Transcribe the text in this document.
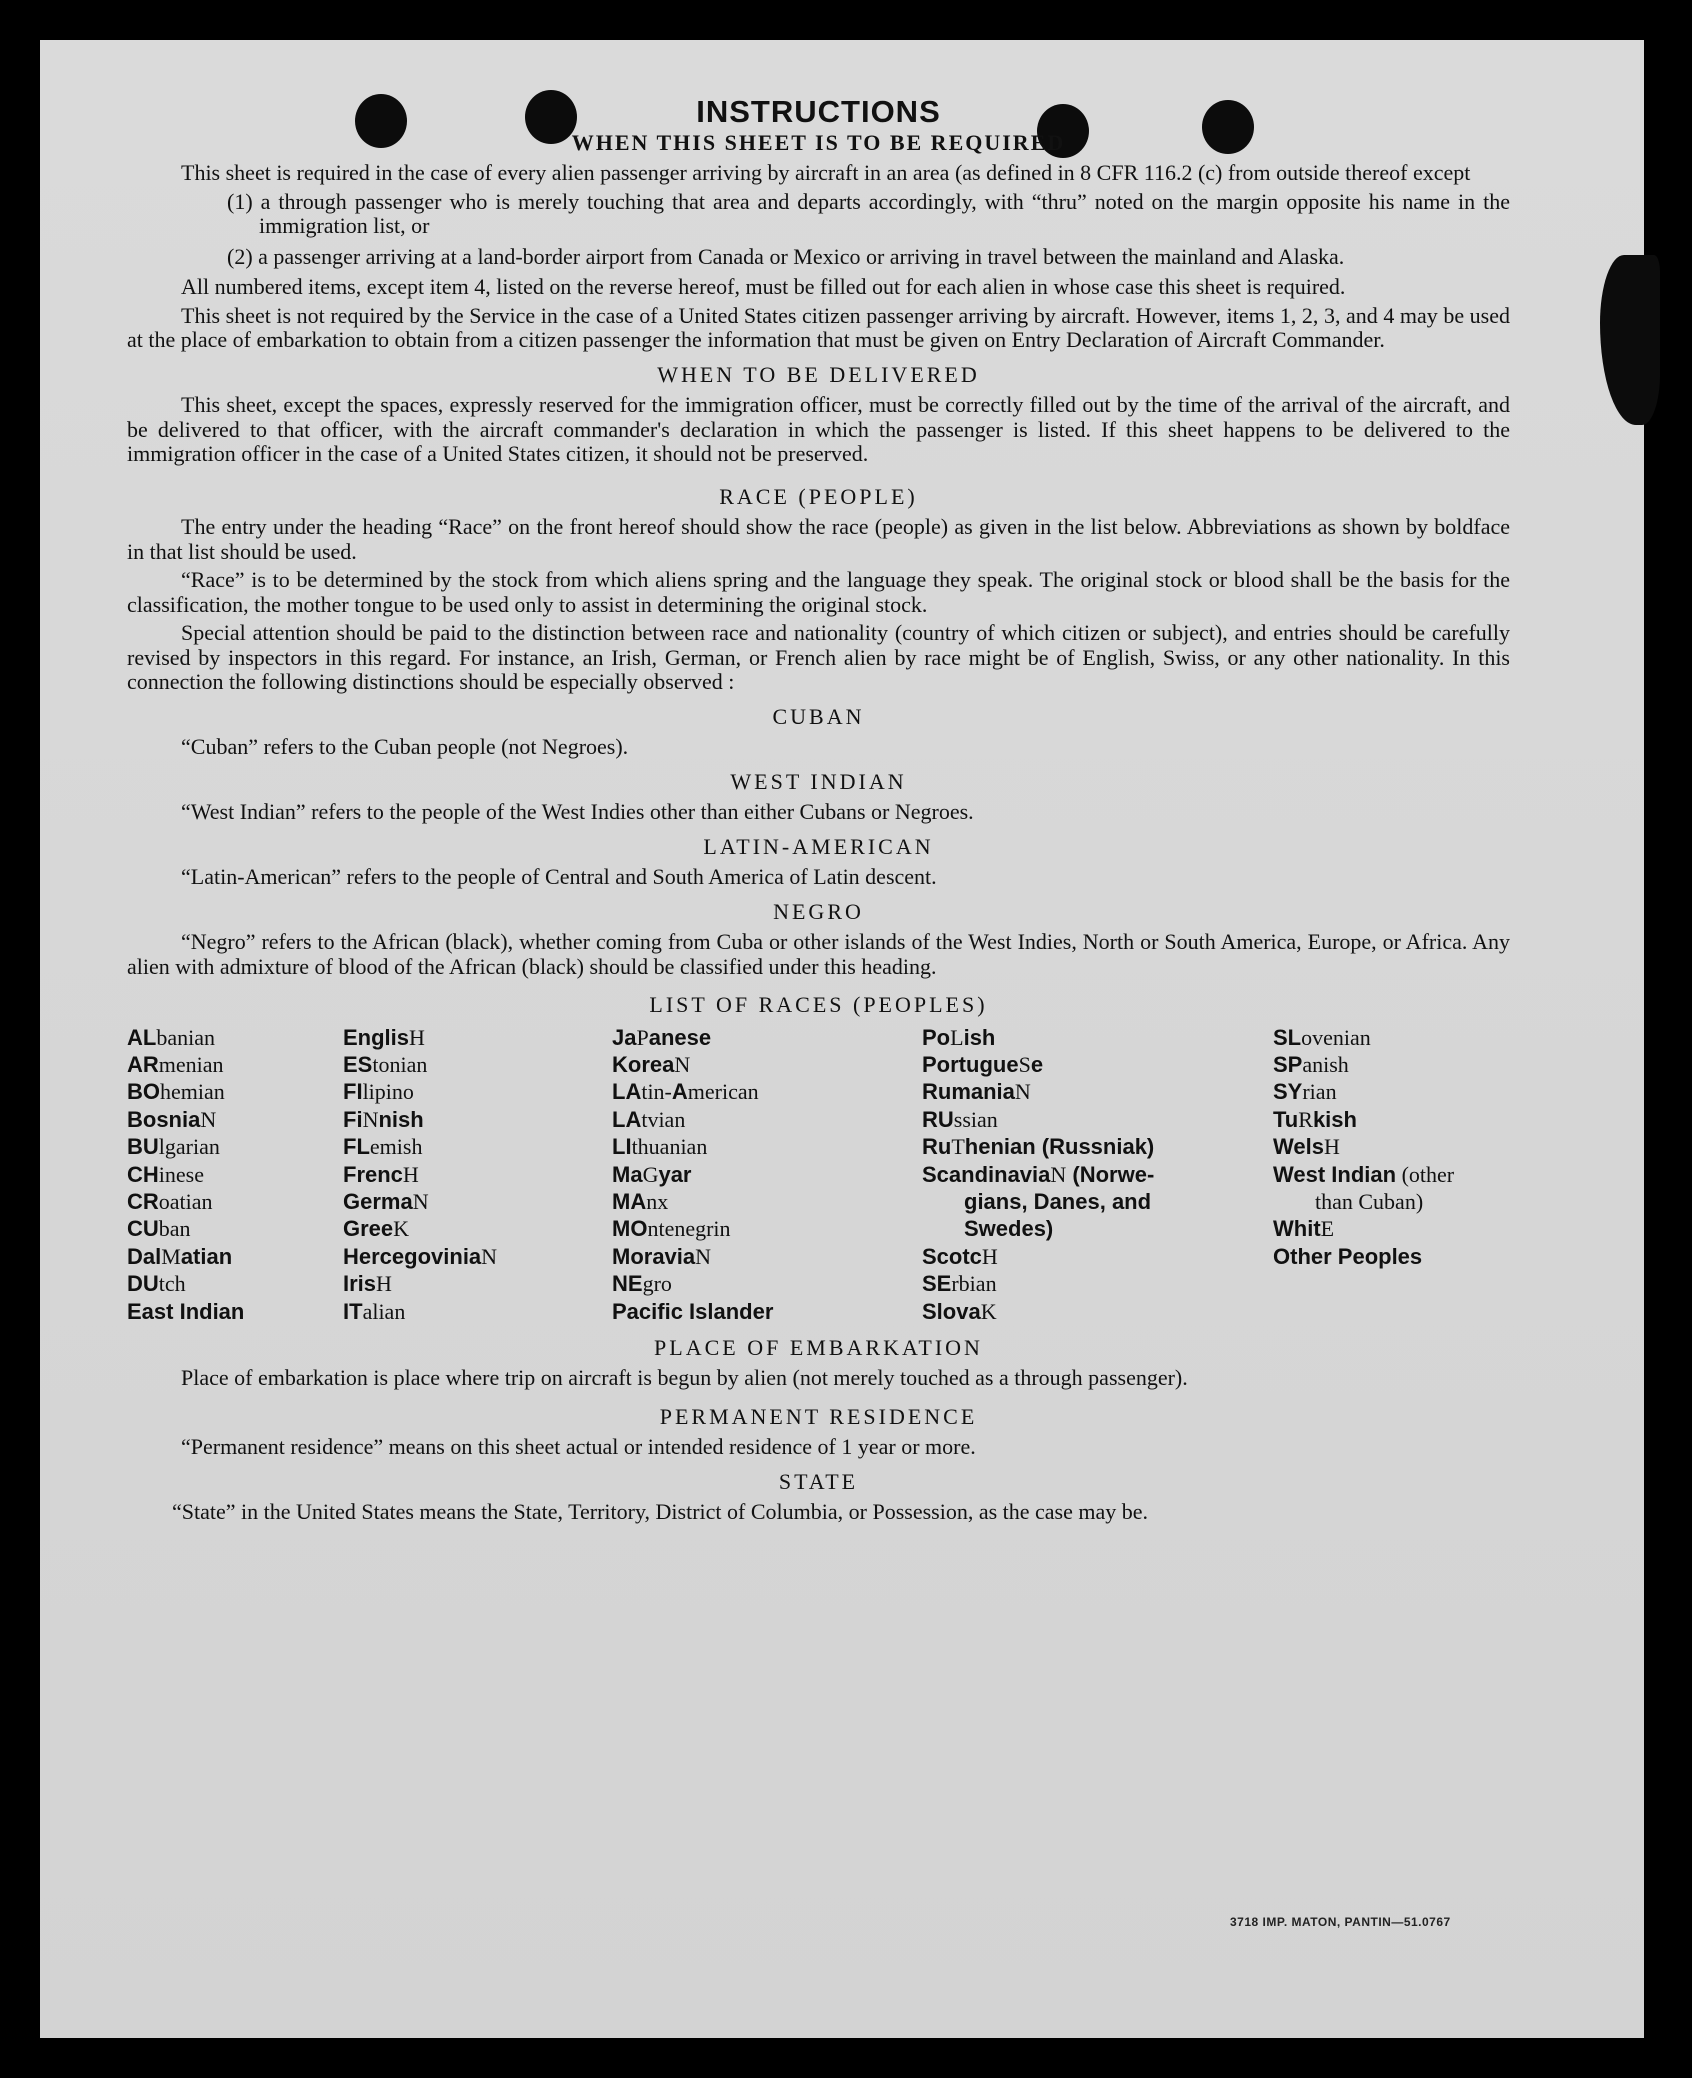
INSTRUCTIONS
WHEN THIS SHEET IS TO BE REQUIRED

This sheet is required in the case of every alien passenger arriving by aircraft in an area (as defined in 8 CFR 116.2 (c) from outside thereof except

(1) a through passenger who is merely touching that area and departs accordingly, with “thru” noted on the margin opposite his name in the immigration list, or

(2) a passenger arriving at a land-border airport from Canada or Mexico or arriving in travel between the mainland and Alaska.

All numbered items, except item 4, listed on the reverse hereof, must be filled out for each alien in whose case this sheet is required.

This sheet is not required by the Service in the case of a United States citizen passenger arriving by aircraft. However, items 1, 2, 3, and 4 may be used at the place of embarkation to obtain from a citizen passenger the information that must be given on Entry Declaration of Aircraft Commander.

WHEN TO BE DELIVERED

This sheet, except the spaces, expressly reserved for the immigration officer, must be correctly filled out by the time of the arrival of the aircraft, and be delivered to that officer, with the aircraft commander's declaration in which the passenger is listed. If this sheet happens to be delivered to the immigration officer in the case of a United States citizen, it should not be preserved.

RACE (PEOPLE)

The entry under the heading “Race” on the front hereof should show the race (people) as given in the list below. Abbreviations as shown by boldface in that list should be used.

“Race” is to be determined by the stock from which aliens spring and the language they speak. The original stock or blood shall be the basis for the classification, the mother tongue to be used only to assist in determining the original stock.

Special attention should be paid to the distinction between race and nationality (country of which citizen or subject), and entries should be carefully revised by inspectors in this regard. For instance, an Irish, German, or French alien by race might be of English, Swiss, or any other nationality. In this connection the following distinctions should be especially observed :

CUBAN

“Cuban” refers to the Cuban people (not Negroes).

WEST INDIAN

“West Indian” refers to the people of the West Indies other than either Cubans or Negroes.

LATIN-AMERICAN

“Latin-American” refers to the people of Central and South America of Latin descent.

NEGRO

“Negro” refers to the African (black), whether coming from Cuba or other islands of the West Indies, North or South America, Europe, or Africa. Any alien with admixture of blood of the African (black) should be classified under this heading.

LIST OF RACES (PEOPLES)
ALbanian
ARmenian
BOhemian
BosniaN
BUlgarian
CHinese
CRoatian
CUban
DalMatian
DUtch
East Indian
EnglisH
EStonian
FIlipino
FiNnish
FLemish
FrencH
GermaN
GreeK
HercegoviniaN
IrisH
ITalian
JaPanese
KoreaN
LAtin-American
LAtvian
LIthuanian
MaGyar
MAnx
MOntenegrin
MoraviaN
NEgro
Pacific Islander
PoLish
PortugueSe
RumaniaN
RUssian
RuThenian (Russniak)
ScandinaviaN (Norwe-
gians, Danes, and
Swedes)
ScotcH
SErbian
SlovaK
SLovenian
SPanish
SYrian
TuRkish
WelsH
West Indian (other
than Cuban)
WhitE
Other Peoples
PLACE OF EMBARKATION

Place of embarkation is place where trip on aircraft is begun by alien (not merely touched as a through passenger).

PERMANENT RESIDENCE

“Permanent residence” means on this sheet actual or intended residence of 1 year or more.

STATE

“State” in the United States means the State, Territory, District of Columbia, or Possession, as the case may be.

3718 IMP. MATON, PANTIN—51.0767
